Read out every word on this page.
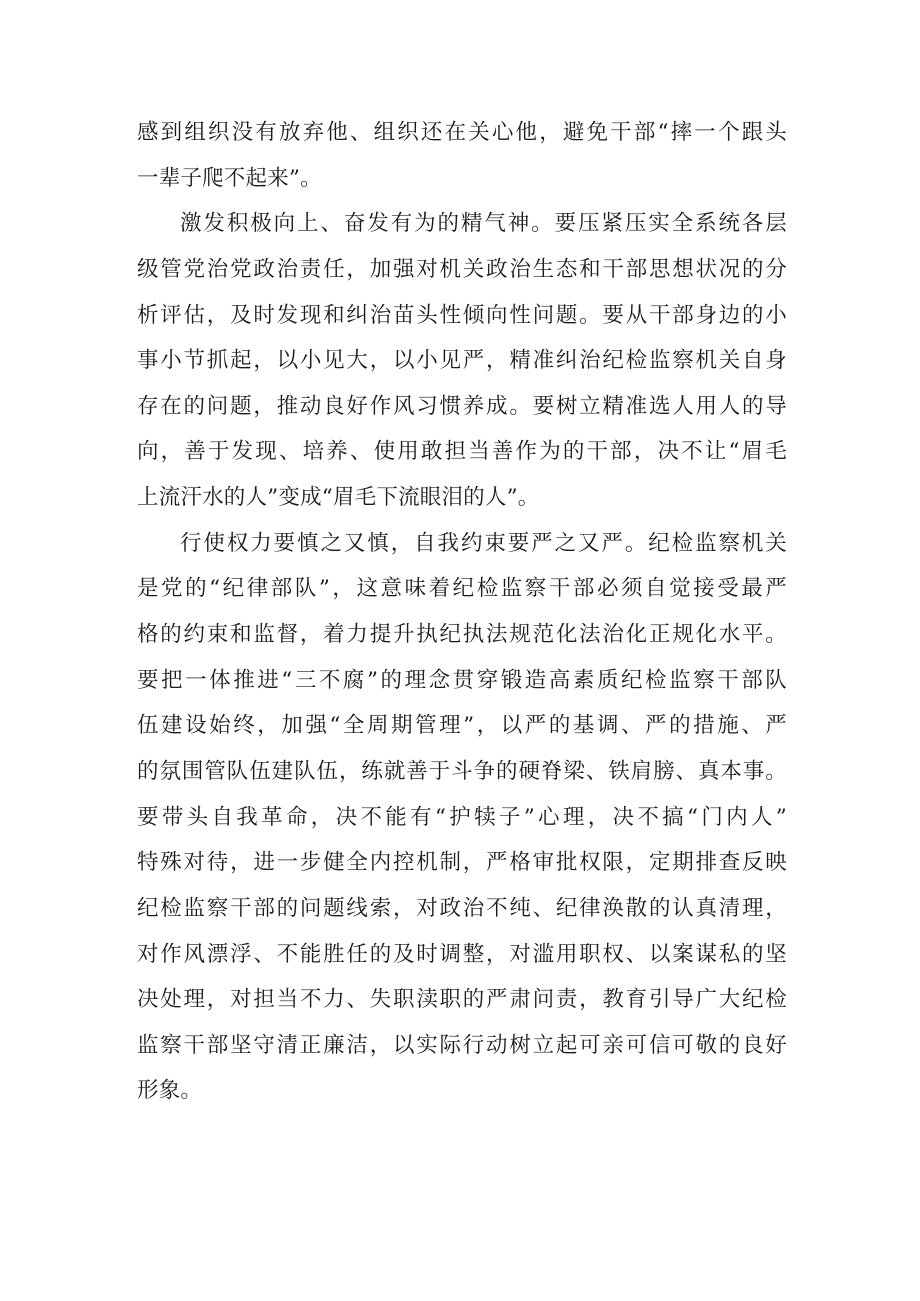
感到组织没有放弃他、组织还在关心他，避免干部“摔一个跟头
一辈子爬不起来”。
激发积极向上、奋发有为的精气神。要压紧压实全系统各层
级管党治党政治责任，加强对机关政治生态和干部思想状况的分
析评估，及时发现和纠治苗头性倾向性问题。要从干部身边的小
事小节抓起，以小见大，以小见严，精准纠治纪检监察机关自身
存在的问题，推动良好作风习惯养成。要树立精准选人用人的导
向，善于发现、培养、使用敢担当善作为的干部，决不让“眉毛
上流汗水的人”变成“眉毛下流眼泪的人”。
行使权力要慎之又慎，自我约束要严之又严。纪检监察机关
是党的“纪律部队”，这意味着纪检监察干部必须自觉接受最严
格的约束和监督，着力提升执纪执法规范化法治化正规化水平。
要把一体推进“三不腐”的理念贯穿锻造高素质纪检监察干部队
伍建设始终，加强“全周期管理”，以严的基调、严的措施、严
的氛围管队伍建队伍，练就善于斗争的硬脊梁、铁肩膀、真本事。
要带头自我革命，决不能有“护犊子”心理，决不搞“门内人”
特殊对待，进一步健全内控机制，严格审批权限，定期排查反映
纪检监察干部的问题线索，对政治不纯、纪律涣散的认真清理，
对作风漂浮、不能胜任的及时调整，对滥用职权、以案谋私的坚
决处理，对担当不力、失职渎职的严肃问责，教育引导广大纪检
监察干部坚守清正廉洁，以实际行动树立起可亲可信可敬的良好
形象。
